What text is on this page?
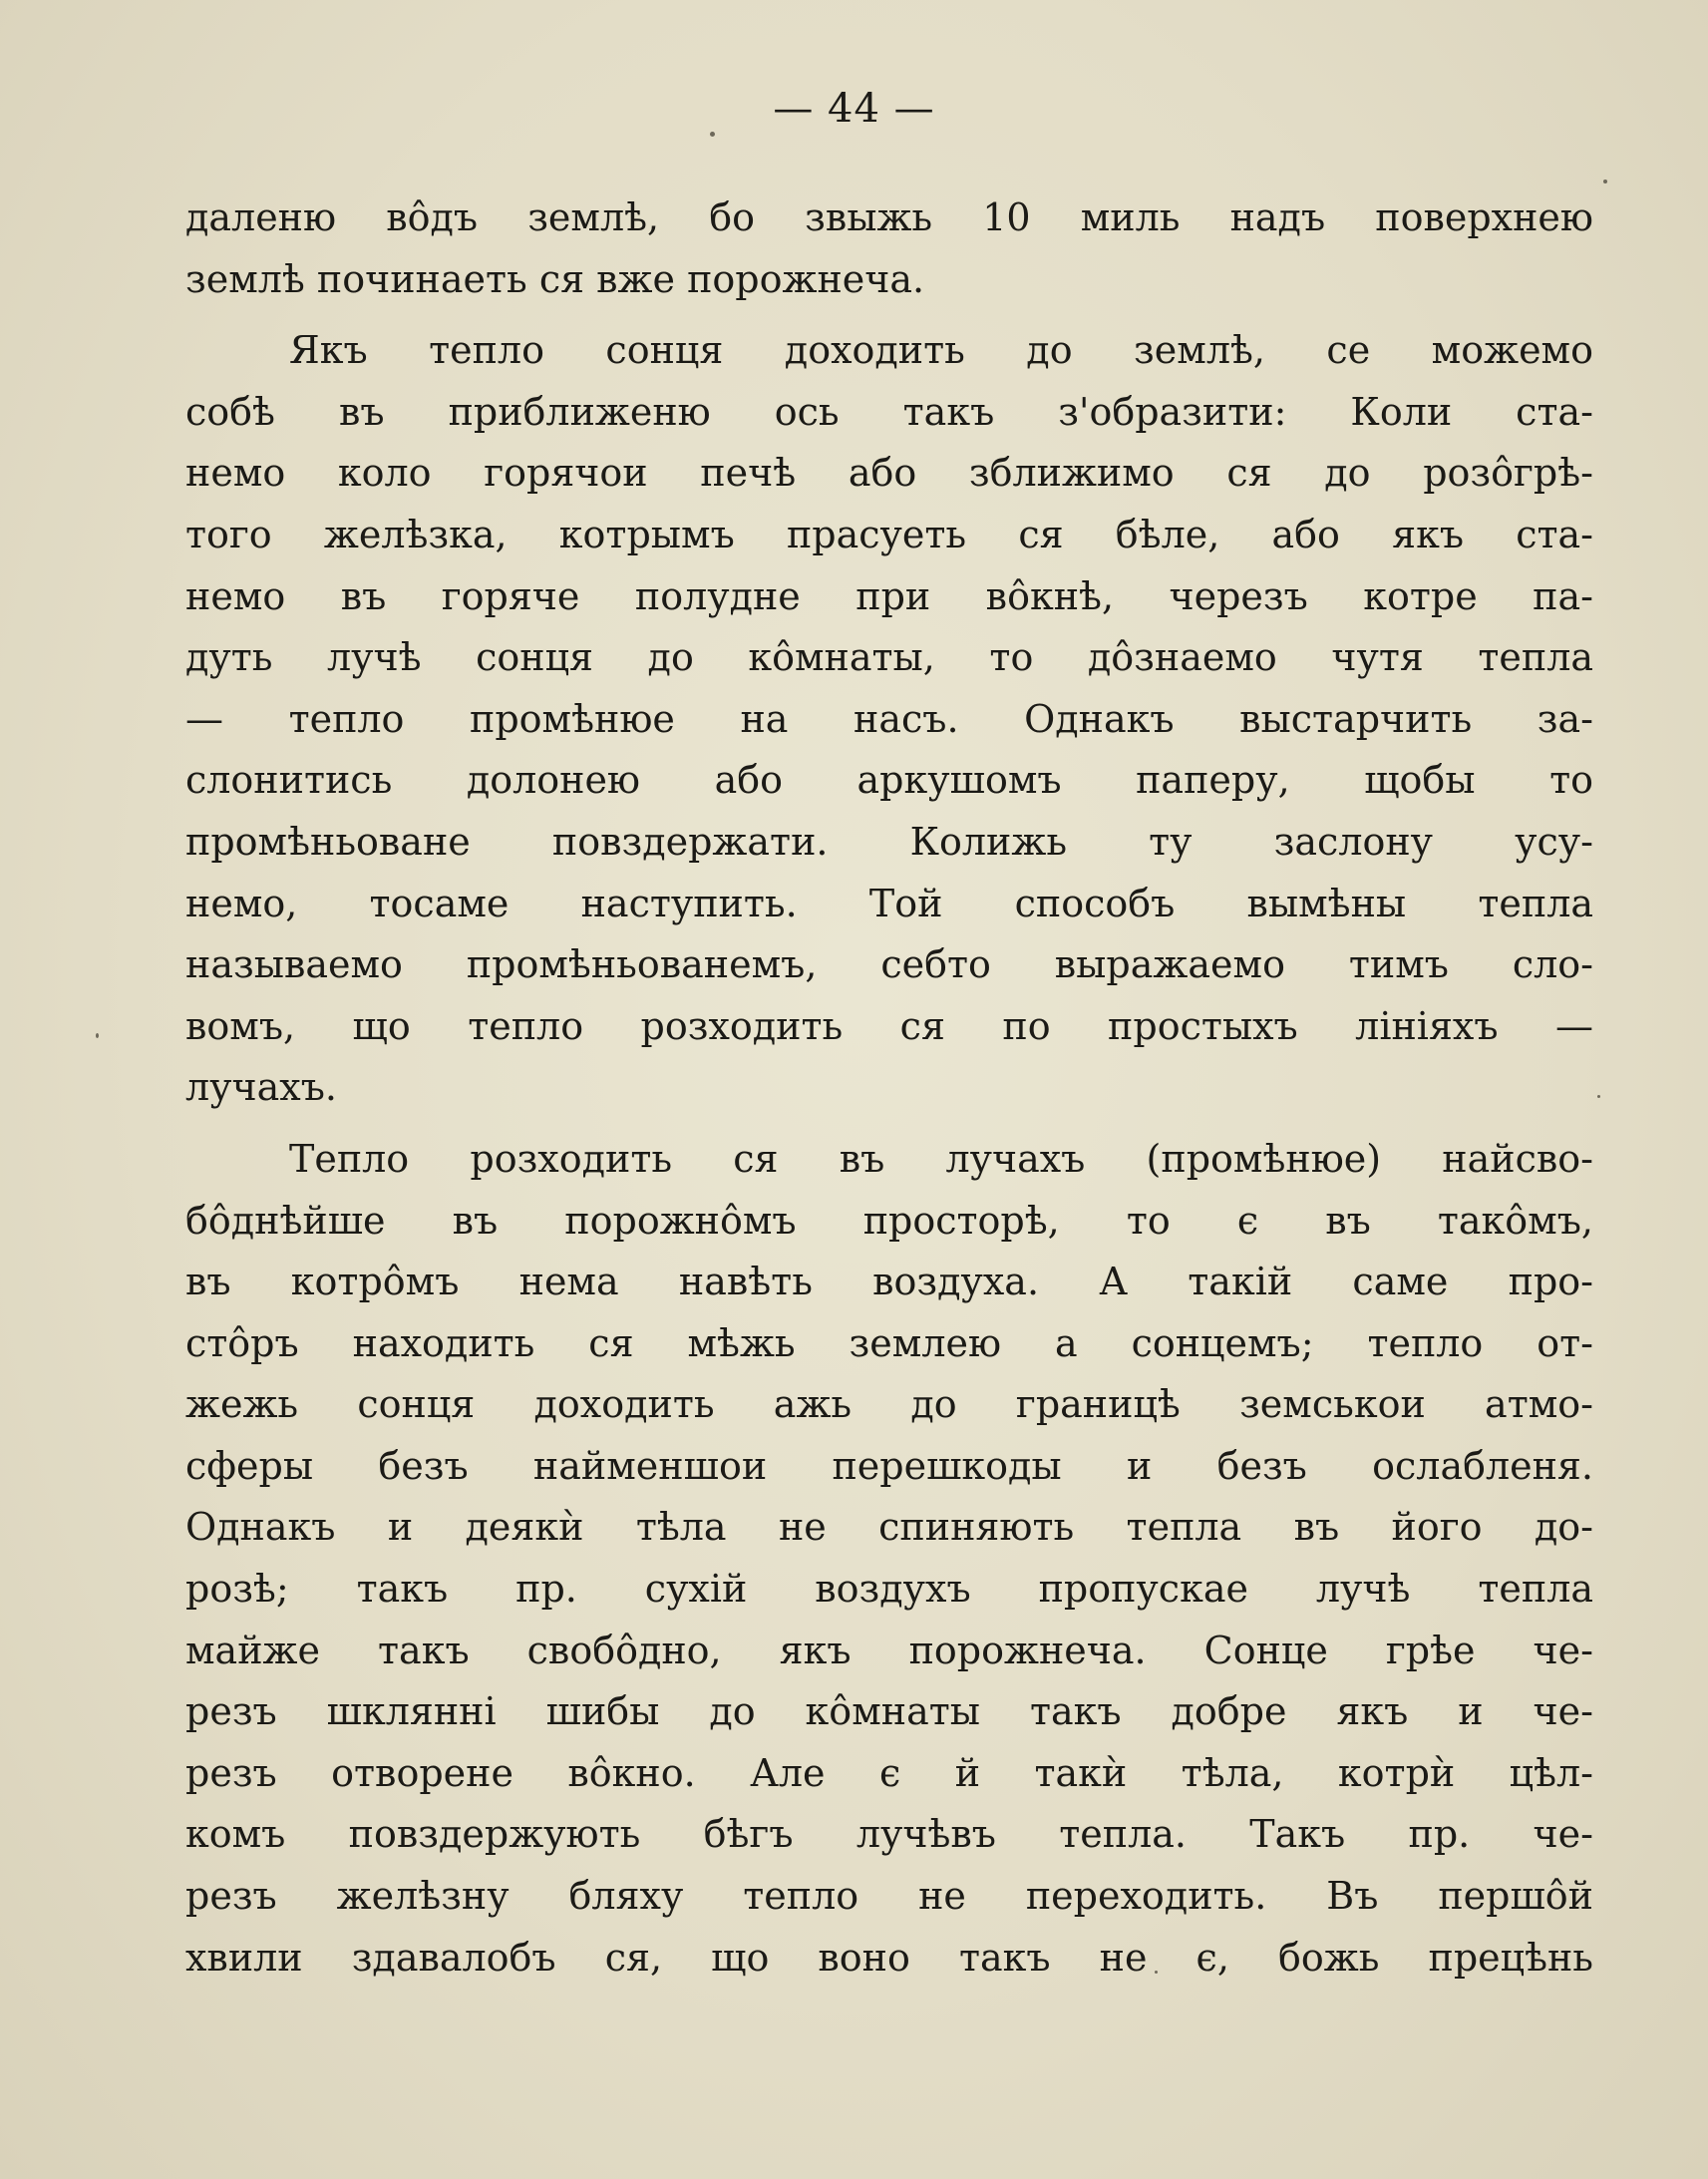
— 44 —
даленю вôдъ землѣ, бо звыжь 10 миль надъ поверхнею
землѣ починаеть ся вже порожнеча.
Якъ тепло сонця доходить до землѣ, се можемо
собѣ въ приближеню ось такъ з'образити: Коли ста-
немо коло горячои печѣ або зближимо ся до розôгрѣ-
того желѣзка, котрымъ прасуеть ся бѣле, або якъ ста-
немо въ горяче полудне при вôкнѣ, черезъ котре па-
дуть лучѣ сонця до кôмнаты, то дôзнаемо чутя тепла
— тепло промѣнюе на насъ. Однакъ выстарчить за-
слонитись долонею або аркушомъ паперу, щобы то
промѣньоване повздержати. Колижь ту заслону усу-
немо, тосаме наступить. Той способъ вымѣны тепла
называемо промѣньованемъ, себто выражаемо тимъ сло-
вомъ, що тепло розходить ся по простыхъ лініяхъ —
лучахъ.
Тепло розходить ся въ лучахъ (промѣнюе) найсво-
бôднѣйше въ порожнôмъ просторѣ, то є въ такôмъ,
въ котрôмъ нема навѣть воздуха. А такій саме про-
стôръ находить ся мѣжь землею а сонцемъ; тепло от-
жежь сонця доходить ажь до границѣ земськои атмо-
сферы безъ найменшои перешкоды и безъ ослабленя.
Однакъ и деякѝ тѣла не спиняють тепла въ його до-
розѣ; такъ пр. сухій воздухъ пропускае лучѣ тепла
майже такъ свобôдно, якъ порожнеча. Сонце грѣе че-
резъ шклянні шибы до кôмнаты такъ добре якъ и че-
резъ отворене вôкно. Але є й такѝ тѣла, котрѝ цѣл-
комъ повздержують бѣгъ лучѣвъ тепла. Такъ пр. че-
резъ желѣзну бляху тепло не переходить. Въ першôй
хвили здавалобъ ся, що воно такъ не є, божь прецѣнь
